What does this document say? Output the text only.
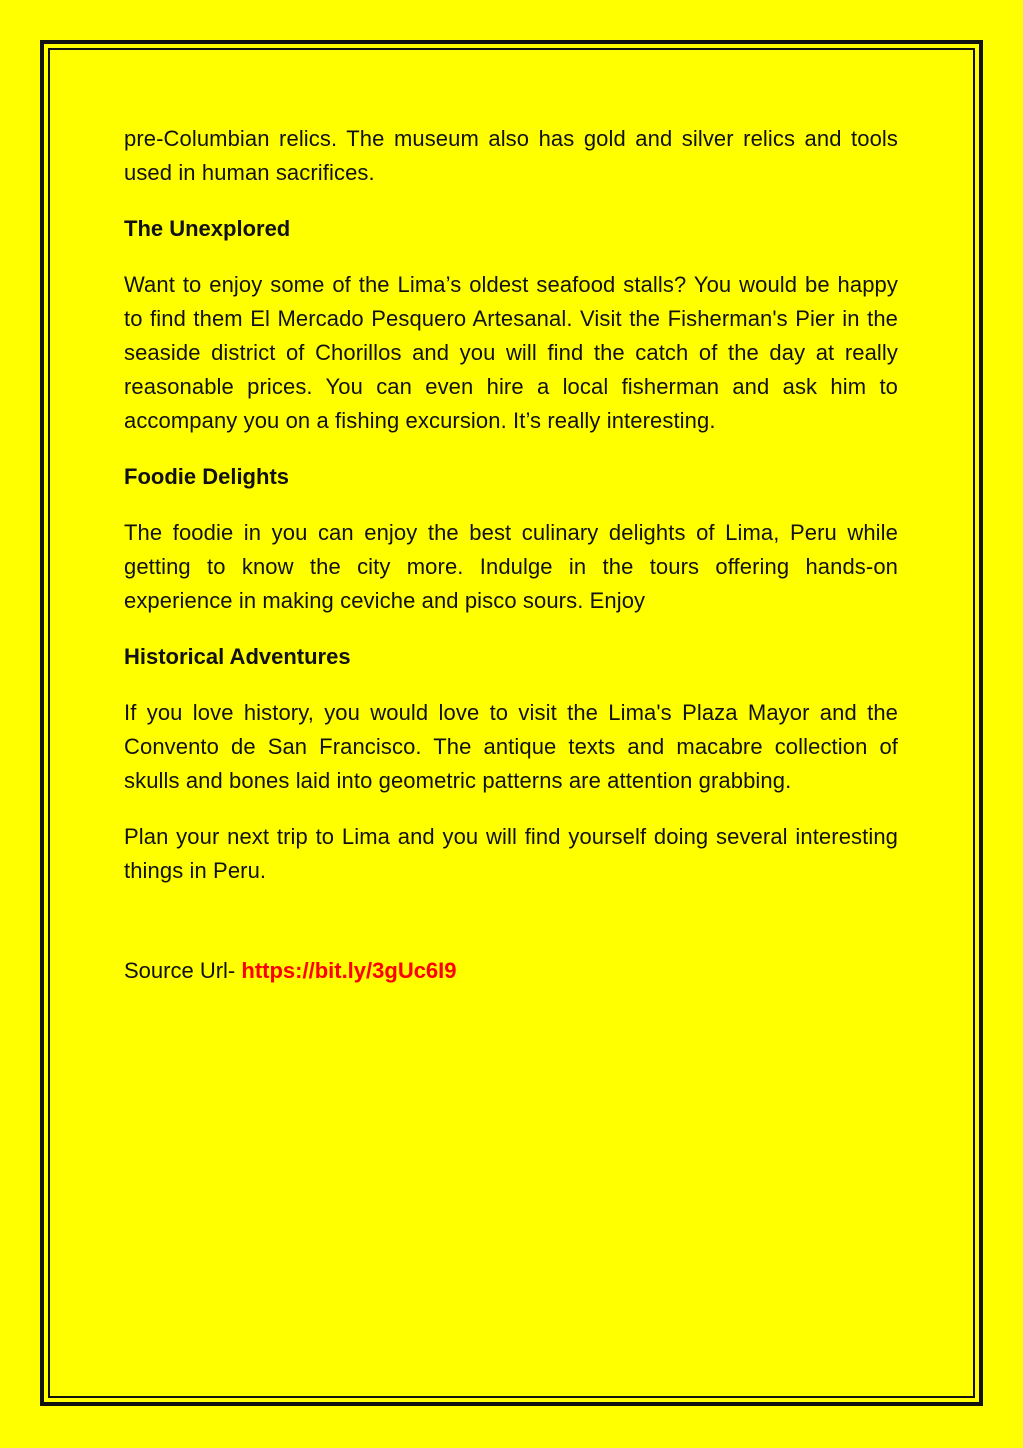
pre-Columbian relics. The museum also has gold and silver relics and tools used in human sacrifices.

The Unexplored

Want to enjoy some of the Lima’s oldest seafood stalls? You would be happy to find them El Mercado Pesquero Artesanal. Visit the Fisherman's Pier in the seaside district of Chorillos and you will find the catch of the day at really reasonable prices. You can even hire a local fisherman and ask him to accompany you on a fishing excursion. It’s really interesting.

Foodie Delights

The foodie in you can enjoy the best culinary delights of Lima, Peru while getting to know the city more. Indulge in the tours offering hands-on experience in making ceviche and pisco sours. Enjoy

Historical Adventures

If you love history, you would love to visit the Lima's Plaza Mayor and the Convento de San Francisco. The antique texts and macabre collection of skulls and bones laid into geometric patterns are attention grabbing.

Plan your next trip to Lima and you will find yourself doing several interesting things in Peru.

Source Url- https://bit.ly/3gUc6I9
